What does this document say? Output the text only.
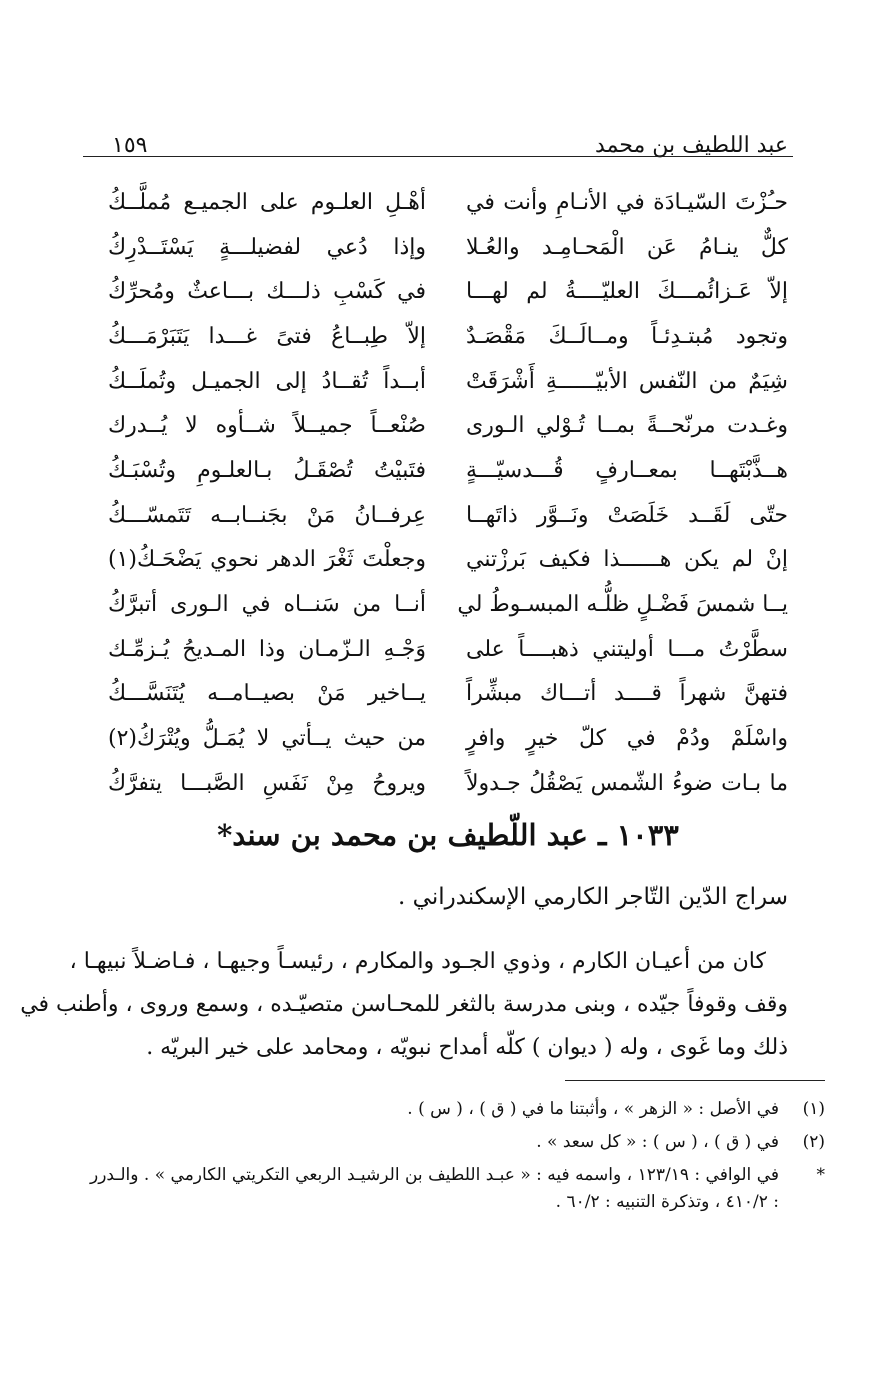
عبد اللطيف بن محمد
١٥٩
حـُزْتَ السّيـادَة في الأنـامِ وأنت في
أهْـلِ العلـوم على الجميـع مُملَّــكُ
كلٌّ ينـامُ عَن الْمَحـامِـد والعُـلا
وإذا دُعي لفضيلـــةٍ يَسْتَــدْرِكُ
إلاّ عَـزائُمـــكَ العليّــــةُ لم لهـــا
في كَسْبِ ذلـــك بـــاعثٌ ومُحرِّكُ
وتجود مُبتـدِئـاً ومــالَــكَ مَقْصَـدٌ
إلاّ طِبــاعُ فتىً غـــدا يَتَبَرْمَـــكُ
شِيَمٌ من النّفس الأبيّــــــةِ أَشْرَقَتْ
أبــداً تُقــادُ إلى الجميـل وتُملَــكُ
وغـدت مرنّحــةً بمــا تُـوْلي الـورى
صُنْعــاً جميــلاً شــأوه لا يُــدرك
هــذَّبْتَهــا بمعــارفٍ قُـــدسيّـــةٍ
فتَبيْتُ تُصْقَـلُ بـالعلـومِ وتُسْبَـكُ
حتّى لَقَــد خَلَصَتْ ونَــوَّر ذاتَهــا
عِرفــانُ مَنْ بجَنــابــه تَتَمسّـــكُ
إنْ لم يكن هــــــذا فكيف بَرزْتني
وجعلْتَ ثَغْرَ الدهر نحوي يَضْحَـكُ(١)
يــا شمسَ فَضْـلٍ ظلُّـه المبسـوطُ لي
أنــا من سَنــاه في الـورى أتبرَّكُ
سطَّرْتُ مـــا أوليتني ذهبــــاً على
وَجْـهِ الـزّمـان وذا المـديحُ يُـزمِّـك
فتهنَّ شهراً قــــد أتـــاك مبشِّراً
يــاخير مَنْ بصيــامــه يُتَنَسَّـــكُ
واسْلَمْ ودُمْ في كلّ خيرٍ وافرٍ
من حيث يــأتي لا يُمَـلُّ ويُتْرَكُ(٢)
ما بـات ضوءُ الشّمس يَصْقُلُ جـدولاً
ويروحُ مِنْ نَفَسِ الصَّبـــا يتفرَّكُ
١٠٣٣ ـ عبد اللّطيف بن محمد بن سند*
سراج الدّين التّاجر الكارمي الإسكندراني .
كان من أعيـان الكارم ، وذوي الجـود والمكارم ، رئيسـاً وجيهـا ، فـاضـلاً نبيهـا ،
وقف وقوفاً جيّده ، وبنى مدرسة بالثغر للمحـاسن متصيّـده ، وسمع وروى ، وأطنب في
ذلك وما غَوى ، وله ( ديوان ) كلّه أمداح نبويّه ، ومحامد على خير البريّه .
(١)
في الأصل : « الزهر » ، وأثبتنا ما في ( ق ) ، ( س ) .
(٢)
في ( ق ) ، ( س ) : « كل سعد » .
*
في الوافي : ١٢٣/١٩ ، واسمه فيه : « عبـد اللطيف بن الرشيـد الربعي التكريتي الكارمي » . والـدرر : ٤١٠/٢ ، وتذكرة التنبيه : ٦٠/٢ .
